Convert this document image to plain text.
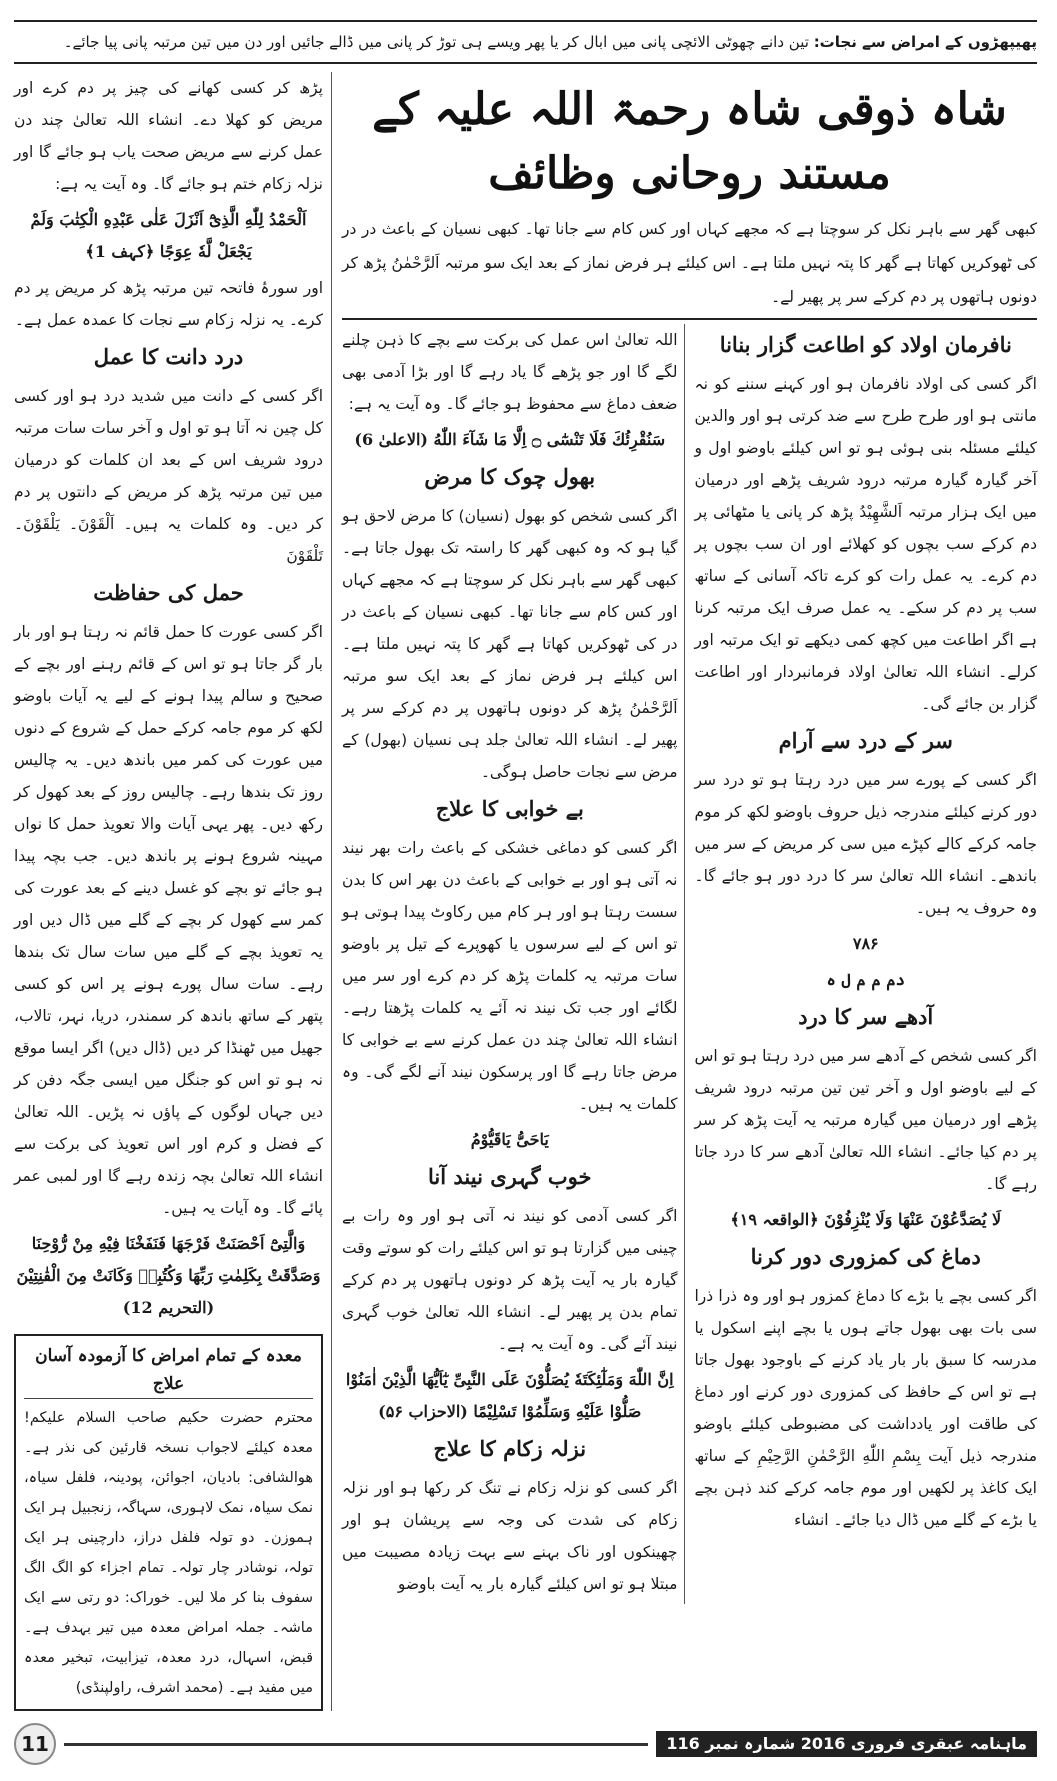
پھیپھڑوں کے امراض سے نجات: تین دانے چھوٹی الائچی پانی میں ابال کر یا پھر ویسے ہی توڑ کر پانی میں ڈالے جائیں اور دن میں تین مرتبہ پانی پیا جائے۔

پڑھ کر کسی کھانے کی چیز پر دم کرے اور مریض کو کھلا دے۔ انشاء اللہ تعالیٰ چند دن عمل کرنے سے مریض صحت یاب ہو جائے گا اور نزلہ زکام ختم ہو جائے گا۔ وہ آیت یہ ہے:

اَلْحَمْدُ لِلّٰهِ الَّذِیْٓ اَنْزَلَ عَلٰی عَبْدِهِ الْكِتٰبَ وَلَمْ یَجْعَلْ لَّهٗ عِوَجًا ﴿کہف 1﴾

اور سورۂ فاتحہ تین مرتبہ پڑھ کر مریض پر دم کرے۔ یہ نزلہ زکام سے نجات کا عمدہ عمل ہے۔

درد دانت کا عمل

اگر کسی کے دانت میں شدید درد ہو اور کسی کل چین نہ آتا ہو تو اول و آخر سات سات مرتبہ درود شریف اس کے بعد ان کلمات کو درمیان میں تین مرتبہ پڑھ کر مریض کے دانتوں پر دم کر دیں۔ وہ کلمات یہ ہیں۔ اَلْقَوْنَ۔ یَلْقَوْنَ۔ تَلْقَوْنَ

حمل کی حفاظت

اگر کسی عورت کا حمل قائم نہ رہتا ہو اور بار بار گر جاتا ہو تو اس کے قائم رہنے اور بچے کے صحیح و سالم پیدا ہونے کے لیے یہ آیات باوضو لکھ کر موم جامہ کرکے حمل کے شروع کے دنوں میں عورت کی کمر میں باندھ دیں۔ یہ چالیس روز تک بندھا رہے۔ چالیس روز کے بعد کھول کر رکھ دیں۔ پھر یہی آیات والا تعویذ حمل کا نواں مہینہ شروع ہونے پر باندھ دیں۔ جب بچہ پیدا ہو جائے تو بچے کو غسل دینے کے بعد عورت کی کمر سے کھول کر بچے کے گلے میں ڈال دیں اور یہ تعویذ بچے کے گلے میں سات سال تک بندھا رہے۔ سات سال پورے ہونے پر اس کو کسی پتھر کے ساتھ باندھ کر سمندر، دریا، نہر، تالاب، جھیل میں ٹھنڈا کر دیں (ڈال دیں) اگر ایسا موقع نہ ہو تو اس کو جنگل میں ایسی جگہ دفن کر دیں جہاں لوگوں کے پاؤں نہ پڑیں۔ اللہ تعالیٰ کے فضل و کرم اور اس تعویذ کی برکت سے انشاء اللہ تعالیٰ بچہ زندہ رہے گا اور لمبی عمر پائے گا۔ وہ آیات یہ ہیں۔

وَالَّتِیْٓ اَحْصَنَتْ فَرْجَهَا فَنَفَخْنَا فِیْهِ مِنْ رُّوْحِنَا وَصَدَّقَتْ بِكَلِمٰتِ رَبِّهَا وَكُتُبِهٖ وَكَانَتْ مِنَ الْقٰنِتِیْنَ (التحریم 12)

معدہ کے تمام امراض کا آزمودہ آسان علاج
محترم حضرت حکیم صاحب السلام علیکم! معدہ کیلئے لاجواب نسخہ قارئین کی نذر ہے۔ ھوالشافی: بادیان، اجوائن، پودینہ، فلفل سیاہ، نمک سیاہ، نمک لاہوری، سہاگہ، زنجبیل ہر ایک ہموزن۔ دو تولہ فلفل دراز، دارچینی ہر ایک تولہ، نوشادر چار تولہ۔ تمام اجزاء کو الگ الگ سفوف بنا کر ملا لیں۔ خوراک: دو رتی سے ایک ماشہ۔ جملہ امراض معدہ میں تیر بہدف ہے۔ قبض، اسہال، درد معدہ، تیزابیت، تبخیر معدہ میں مفید ہے۔ (محمد اشرف، راولپنڈی)
شاہ ذوقی شاہ رحمۃ اللہ علیہ کے مستند روحانی وظائف
کبھی گھر سے باہر نکل کر سوچتا ہے کہ مجھے کہاں اور کس کام سے جانا تھا۔ کبھی نسیان کے باعث در در کی ٹھوکریں کھاتا ہے گھر کا پتہ نہیں ملتا ہے۔ اس کیلئے ہر فرض نماز کے بعد ایک سو مرتبہ اَلرَّحْمٰنُ پڑھ کر دونوں ہاتھوں پر دم کرکے سر پر پھیر لے۔

اللہ تعالیٰ اس عمل کی برکت سے بچے کا ذہن چلنے لگے گا اور جو پڑھے گا یاد رہے گا اور بڑا آدمی بھی ضعف دماغ سے محفوظ ہو جائے گا۔ وہ آیت یہ ہے:

سَنُقْرِئُكَ فَلَا تَنْسٰٓى ۝ اِلَّا مَا شَآءَ اللّٰهُ (الاعلیٰ 6)

بھول چوک کا مرض

اگر کسی شخص کو بھول (نسیان) کا مرض لاحق ہو گیا ہو کہ وہ کبھی گھر کا راستہ تک بھول جاتا ہے۔ کبھی گھر سے باہر نکل کر سوچتا ہے کہ مجھے کہاں اور کس کام سے جانا تھا۔ کبھی نسیان کے باعث در در کی ٹھوکریں کھاتا ہے گھر کا پتہ نہیں ملتا ہے۔ اس کیلئے ہر فرض نماز کے بعد ایک سو مرتبہ اَلرَّحْمٰنُ پڑھ کر دونوں ہاتھوں پر دم کرکے سر پر پھیر لے۔ انشاء اللہ تعالیٰ جلد ہی نسیان (بھول) کے مرض سے نجات حاصل ہوگی۔

بے خوابی کا علاج

اگر کسی کو دماغی خشکی کے باعث رات بھر نیند نہ آتی ہو اور بے خوابی کے باعث دن بھر اس کا بدن سست رہتا ہو اور ہر کام میں رکاوٹ پیدا ہوتی ہو تو اس کے لیے سرسوں یا کھوپرے کے تیل پر باوضو سات مرتبہ یہ کلمات پڑھ کر دم کرے اور سر میں لگائے اور جب تک نیند نہ آئے یہ کلمات پڑھتا رہے۔ انشاء اللہ تعالیٰ چند دن عمل کرنے سے بے خوابی کا مرض جاتا رہے گا اور پرسکون نیند آنے لگے گی۔ وہ کلمات یہ ہیں۔

یَاحَیُّ یَاقَیُّوْمُ

خوب گہری نیند آنا

اگر کسی آدمی کو نیند نہ آتی ہو اور وہ رات بے چینی میں گزارتا ہو تو اس کیلئے رات کو سوتے وقت گیارہ بار یہ آیت پڑھ کر دونوں ہاتھوں پر دم کرکے تمام بدن پر پھیر لے۔ انشاء اللہ تعالیٰ خوب گہری نیند آئے گی۔ وہ آیت یہ ہے۔

اِنَّ اللّٰهَ وَمَلٰٓئِكَتَهٗ یُصَلُّوْنَ عَلَى النَّبِیِّ یٰٓاَیُّهَا الَّذِیْنَ اٰمَنُوْا صَلُّوْا عَلَیْهِ وَسَلِّمُوْا تَسْلِیْمًا (الاحزاب ۵۶)

نزلہ زکام کا علاج

اگر کسی کو نزلہ زکام نے تنگ کر رکھا ہو اور نزلہ زکام کی شدت کی وجہ سے پریشان ہو اور چھینکوں اور ناک بہنے سے بہت زیادہ مصیبت میں مبتلا ہو تو اس کیلئے گیارہ بار یہ آیت باوضو

نافرمان اولاد کو اطاعت گزار بنانا

اگر کسی کی اولاد نافرمان ہو اور کہنے سننے کو نہ مانتی ہو اور طرح طرح سے ضد کرتی ہو اور والدین کیلئے مسئلہ بنی ہوئی ہو تو اس کیلئے باوضو اول و آخر گیارہ گیارہ مرتبہ درود شریف پڑھے اور درمیان میں ایک ہزار مرتبہ اَلشَّھِیْدُ پڑھ کر پانی یا مٹھائی پر دم کرکے سب بچوں کو کھلائے اور ان سب بچوں پر دم کرے۔ یہ عمل رات کو کرے تاکہ آسانی کے ساتھ سب پر دم کر سکے۔ یہ عمل صرف ایک مرتبہ کرنا ہے اگر اطاعت میں کچھ کمی دیکھے تو ایک مرتبہ اور کرلے۔ انشاء اللہ تعالیٰ اولاد فرمانبردار اور اطاعت گزار بن جائے گی۔

سر کے درد سے آرام

اگر کسی کے پورے سر میں درد رہتا ہو تو درد سر دور کرنے کیلئے مندرجہ ذیل حروف باوضو لکھ کر موم جامہ کرکے کالے کپڑے میں سی کر مریض کے سر میں باندھے۔ انشاء اللہ تعالیٰ سر کا درد دور ہو جائے گا۔ وہ حروف یہ ہیں۔

۷۸۶

دم م م ل ہ

آدھے سر کا درد

اگر کسی شخص کے آدھے سر میں درد رہتا ہو تو اس کے لیے باوضو اول و آخر تین تین مرتبہ درود شریف پڑھے اور درمیان میں گیارہ مرتبہ یہ آیت پڑھ کر سر پر دم کیا جائے۔ انشاء اللہ تعالیٰ آدھے سر کا درد جاتا رہے گا۔

لَا یُصَدَّعُوْنَ عَنْهَا وَلَا یُنْزِفُوْنَ ﴿الواقعہ ۱۹﴾

دماغ کی کمزوری دور کرنا

اگر کسی بچے یا بڑے کا دماغ کمزور ہو اور وہ ذرا ذرا سی بات بھی بھول جاتے ہوں یا بچے اپنے اسکول یا مدرسہ کا سبق بار بار یاد کرنے کے باوجود بھول جاتا ہے تو اس کے حافظ کی کمزوری دور کرنے اور دماغ کی طاقت اور یادداشت کی مضبوطی کیلئے باوضو مندرجہ ذیل آیت بِسْمِ اللّٰهِ الرَّحْمٰنِ الرَّحِیْمِ کے ساتھ ایک کاغذ پر لکھیں اور موم جامہ کرکے کند ذہن بچے یا بڑے کے گلے میں ڈال دیا جائے۔ انشاء

11	ماہنامہ عبقری فروری 2016 شمارہ نمبر 116
